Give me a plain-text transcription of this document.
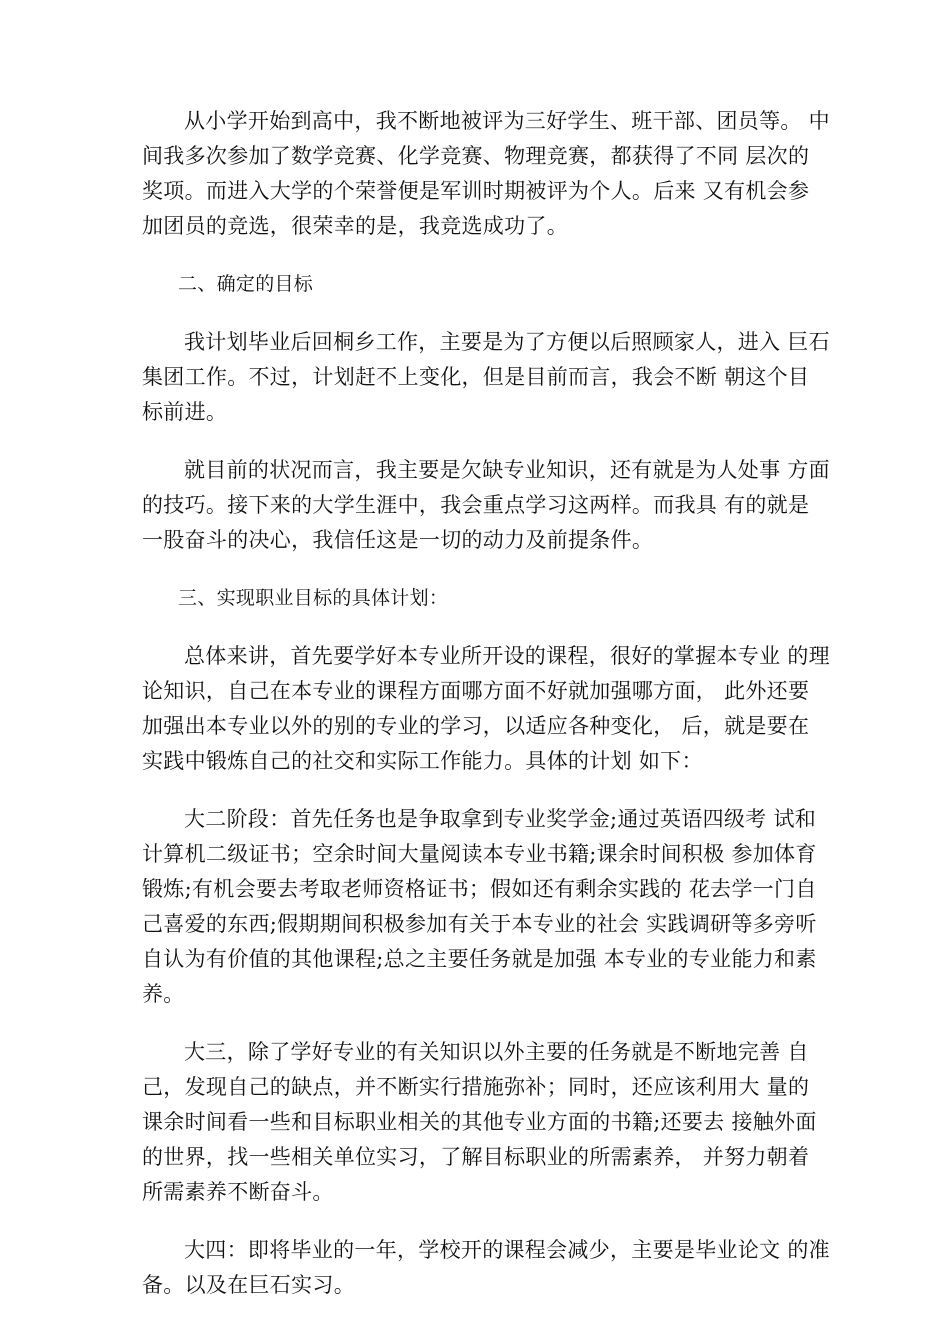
从小学开始到高中，我不断地被评为三好学生、班干部、团员等。 中
间我多次参加了数学竞赛、化学竞赛、物理竞赛，都获得了不同 层次的
奖项。而进入大学的个荣誉便是军训时期被评为个人。后来 又有机会参
加团员的竞选，很荣幸的是，我竞选成功了。

二、确定的目标

我计划毕业后回桐乡工作，主要是为了方便以后照顾家人，进入 巨石
集团工作。不过，计划赶不上变化，但是目前而言，我会不断 朝这个目
标前进。

就目前的状况而言，我主要是欠缺专业知识，还有就是为人处事 方面
的技巧。接下来的大学生涯中，我会重点学习这两样。而我具 有的就是
一股奋斗的决心，我信任这是一切的动力及前提条件。

三、实现职业目标的具体计划：

总体来讲，首先要学好本专业所开设的课程，很好的掌握本专业 的理
论知识，自己在本专业的课程方面哪方面不好就加强哪方面， 此外还要
加强出本专业以外的别的专业的学习，以适应各种变化， 后，就是要在
实践中锻炼自己的社交和实际工作能力。具体的计划 如下：

大二阶段：首先任务也是争取拿到专业奖学金;通过英语四级考 试和
计算机二级证书；空余时间大量阅读本专业书籍;课余时间积极 参加体育
锻炼;有机会要去考取老师资格证书；假如还有剩余实践的 花去学一门自
己喜爱的东西;假期期间积极参加有关于本专业的社会 实践调研等多旁听
自认为有价值的其他课程;总之主要任务就是加强 本专业的专业能力和素
养。

大三，除了学好专业的有关知识以外主要的任务就是不断地完善 自
己，发现自己的缺点，并不断实行措施弥补；同时，还应该利用大 量的
课余时间看一些和目标职业相关的其他专业方面的书籍;还要去 接触外面
的世界，找一些相关单位实习，了解目标职业的所需素养， 并努力朝着
所需素养不断奋斗。

大四：即将毕业的一年，学校开的课程会减少，主要是毕业论文 的准
备。以及在巨石实习。
